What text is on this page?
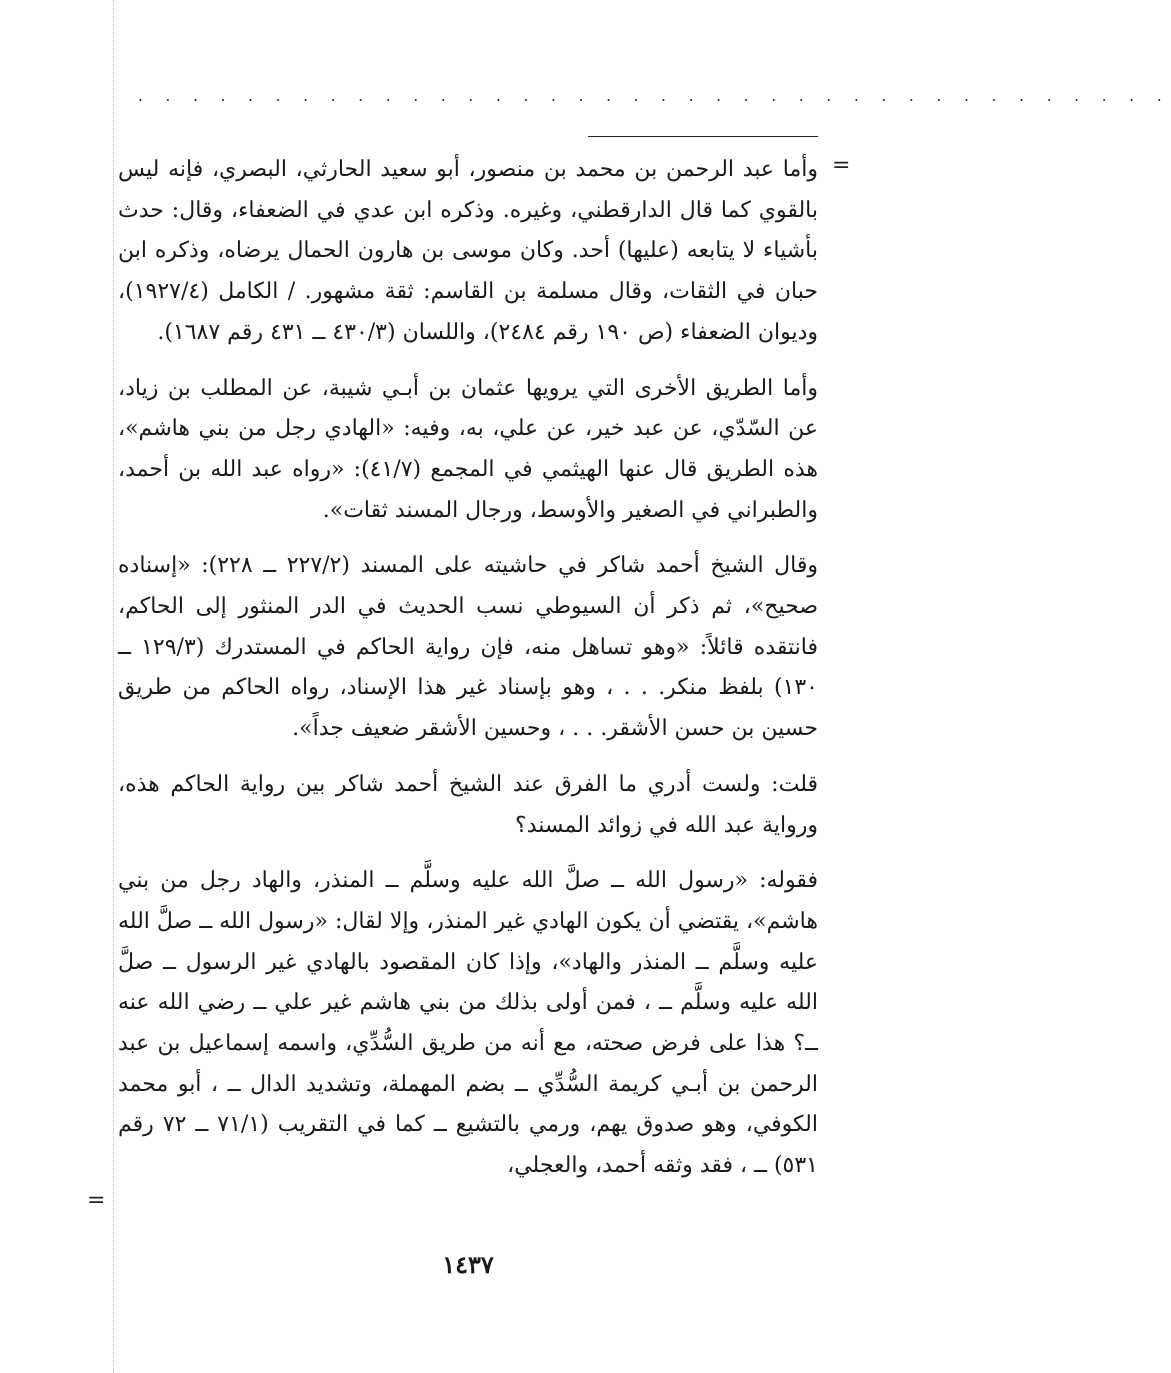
. . . . . . . . . . . . . . . . . . . . . . . . . . . . . . . . . . . . . .
=

وأما عبد الرحمن بن محمد بن منصور، أبو سعيد الحارثي، البصري، فإنه ليس بالقوي كما قال الدارقطني، وغيره. وذكره ابن عدي في الضعفاء، وقال: حدث بأشياء لا يتابعه (عليها) أحد. وكان موسى بن هارون الحمال يرضاه، وذكره ابن حبان في الثقات، وقال مسلمة بن القاسم: ثقة مشهور. / الكامل (١٩٢٧/٤)، وديوان الضعفاء (ص ١٩٠ رقم ٢٤٨٤)، واللسان (٤٣٠/٣ ــ ٤٣١ رقم ١٦٨٧).

وأما الطريق الأخرى التي يرويها عثمان بن أبـي شيبة، عن المطلب بن زياد، عن السّدّي، عن عبد خير، عن علي، به، وفيه: «الهادي رجل من بني هاشم»، هذه الطريق قال عنها الهيثمي في المجمع (٤١/٧): «رواه عبد الله بن أحمد، والطبراني في الصغير والأوسط، ورجال المسند ثقات».

وقال الشيخ أحمد شاكر في حاشيته على المسند (٢٢٧/٢ ــ ٢٢٨): «إسناده صحيح»، ثم ذكر أن السيوطي نسب الحديث في الدر المنثور إلى الحاكم، فانتقده قائلاً: «وهو تساهل منه، فإن رواية الحاكم في المستدرك (١٢٩/٣ ــ ١٣٠) بلفظ منكر. . . ، وهو بإسناد غير هذا الإسناد، رواه الحاكم من طريق حسين بن حسن الأشقر. . . ، وحسين الأشقر ضعيف جداً».

قلت: ولست أدري ما الفرق عند الشيخ أحمد شاكر بين رواية الحاكم هذه، ورواية عبد الله في زوائد المسند؟

فقوله: «رسول الله ــ صلَّ الله عليه وسلَّم ــ المنذر، والهاد رجل من بني هاشم»، يقتضي أن يكون الهادي غير المنذر، وإلا لقال: «رسول الله ــ صلَّ الله عليه وسلَّم ــ المنذر والهاد»، وإذا كان المقصود بالهادي غير الرسول ــ صلَّ الله عليه وسلَّم ــ ، فمن أولى بذلك من بني هاشم غير علي ــ رضي الله عنه ــ؟ هذا على فرض صحته، مع أنه من طريق السُّدِّي، واسمه إسماعيل بن عبد الرحمن بن أبـي كريمة السُّدِّي ــ بضم المهملة، وتشديد الدال ــ ، أبو محمد الكوفي، وهو صدوق يهم، ورمي بالتشيع ــ كما في التقريب (٧١/١ ــ ٧٢ رقم ٥٣١) ــ ، فقد وثقه أحمد، والعجلي،

=
١٤٣٧
